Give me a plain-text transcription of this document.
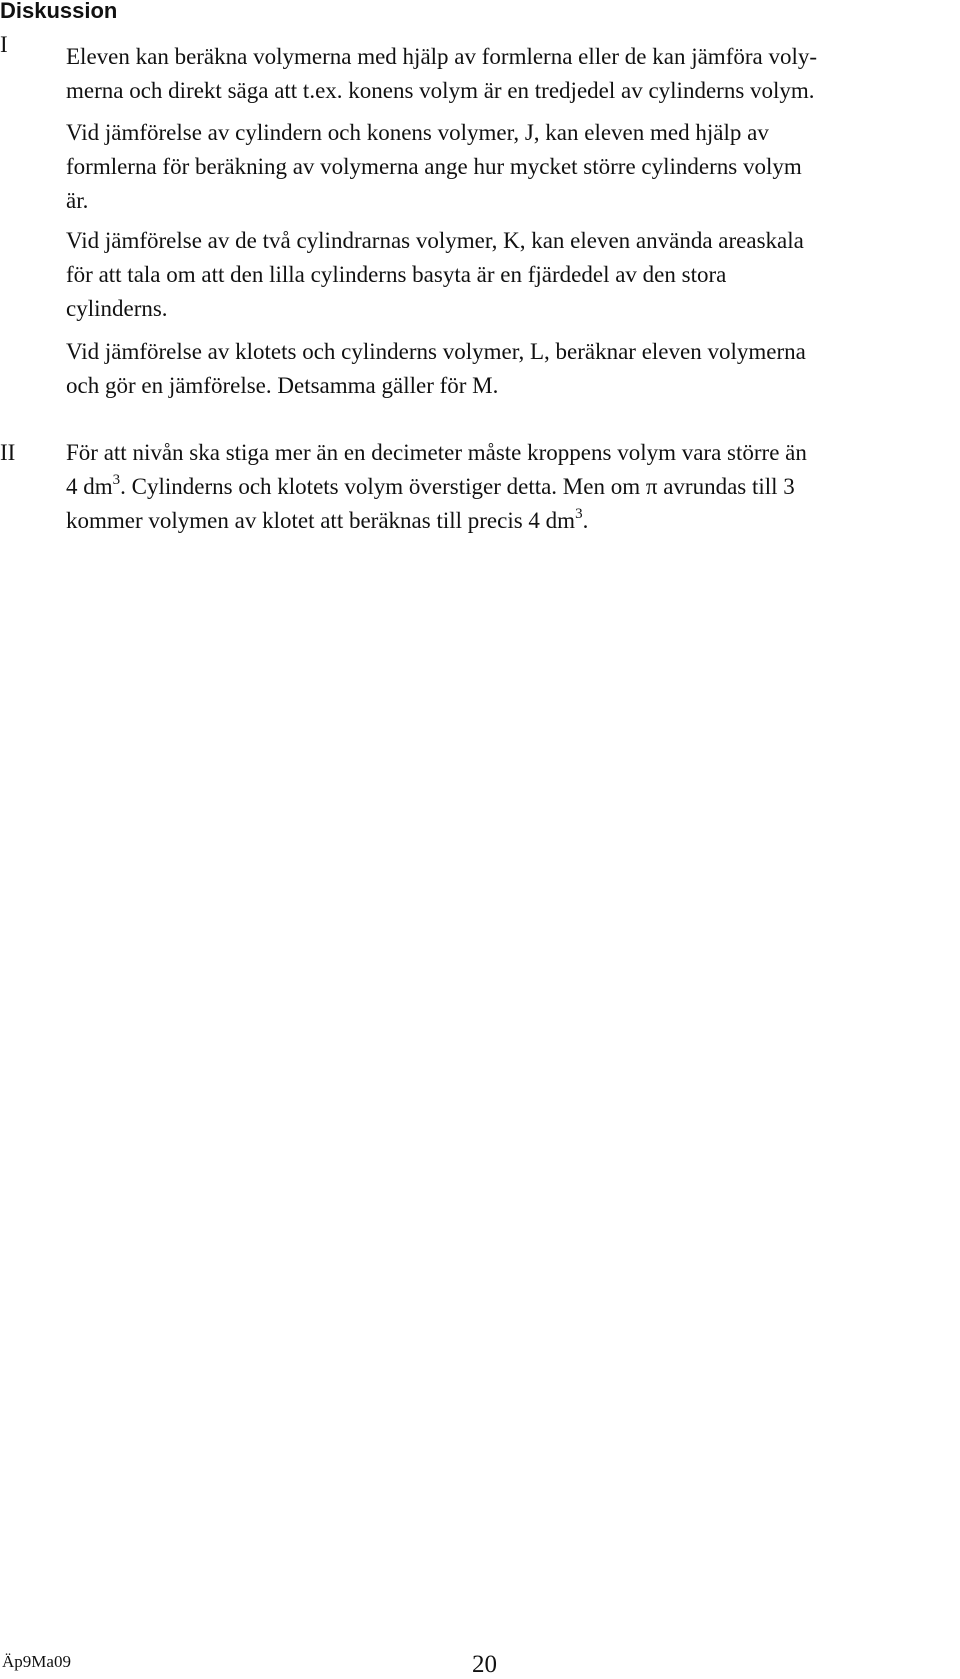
Diskussion
I	Eleven kan beräkna volymerna med hjälp av formlerna eller de kan jämföra voly-
merna och direkt säga att t.ex. konens volym är en tredjedel av cylinderns volym.

Vid jämförelse av cylindern och konens volymer, J, kan eleven med hjälp av
formlerna för beräkning av volymerna ange hur mycket större cylinderns volym
är.

Vid jämförelse av de två cylindrarnas volymer, K, kan eleven använda areaskala
för att tala om att den lilla cylinderns basyta är en fjärdedel av den stora
cylinderns.

Vid jämförelse av klotets och cylinderns volymer, L, beräknar eleven volymerna
och gör en jämförelse. Detsamma gäller för M.

II För att nivån ska stiga mer än en decimeter måste kroppens volym vara större än
4 $dm^3$. Cylinderns och klotets volym överstiger detta. Men om π avrundas till 3
kommer volymen av klotet att beräknas till precis 4 $dm^3$.

Äp9Ma09	20
